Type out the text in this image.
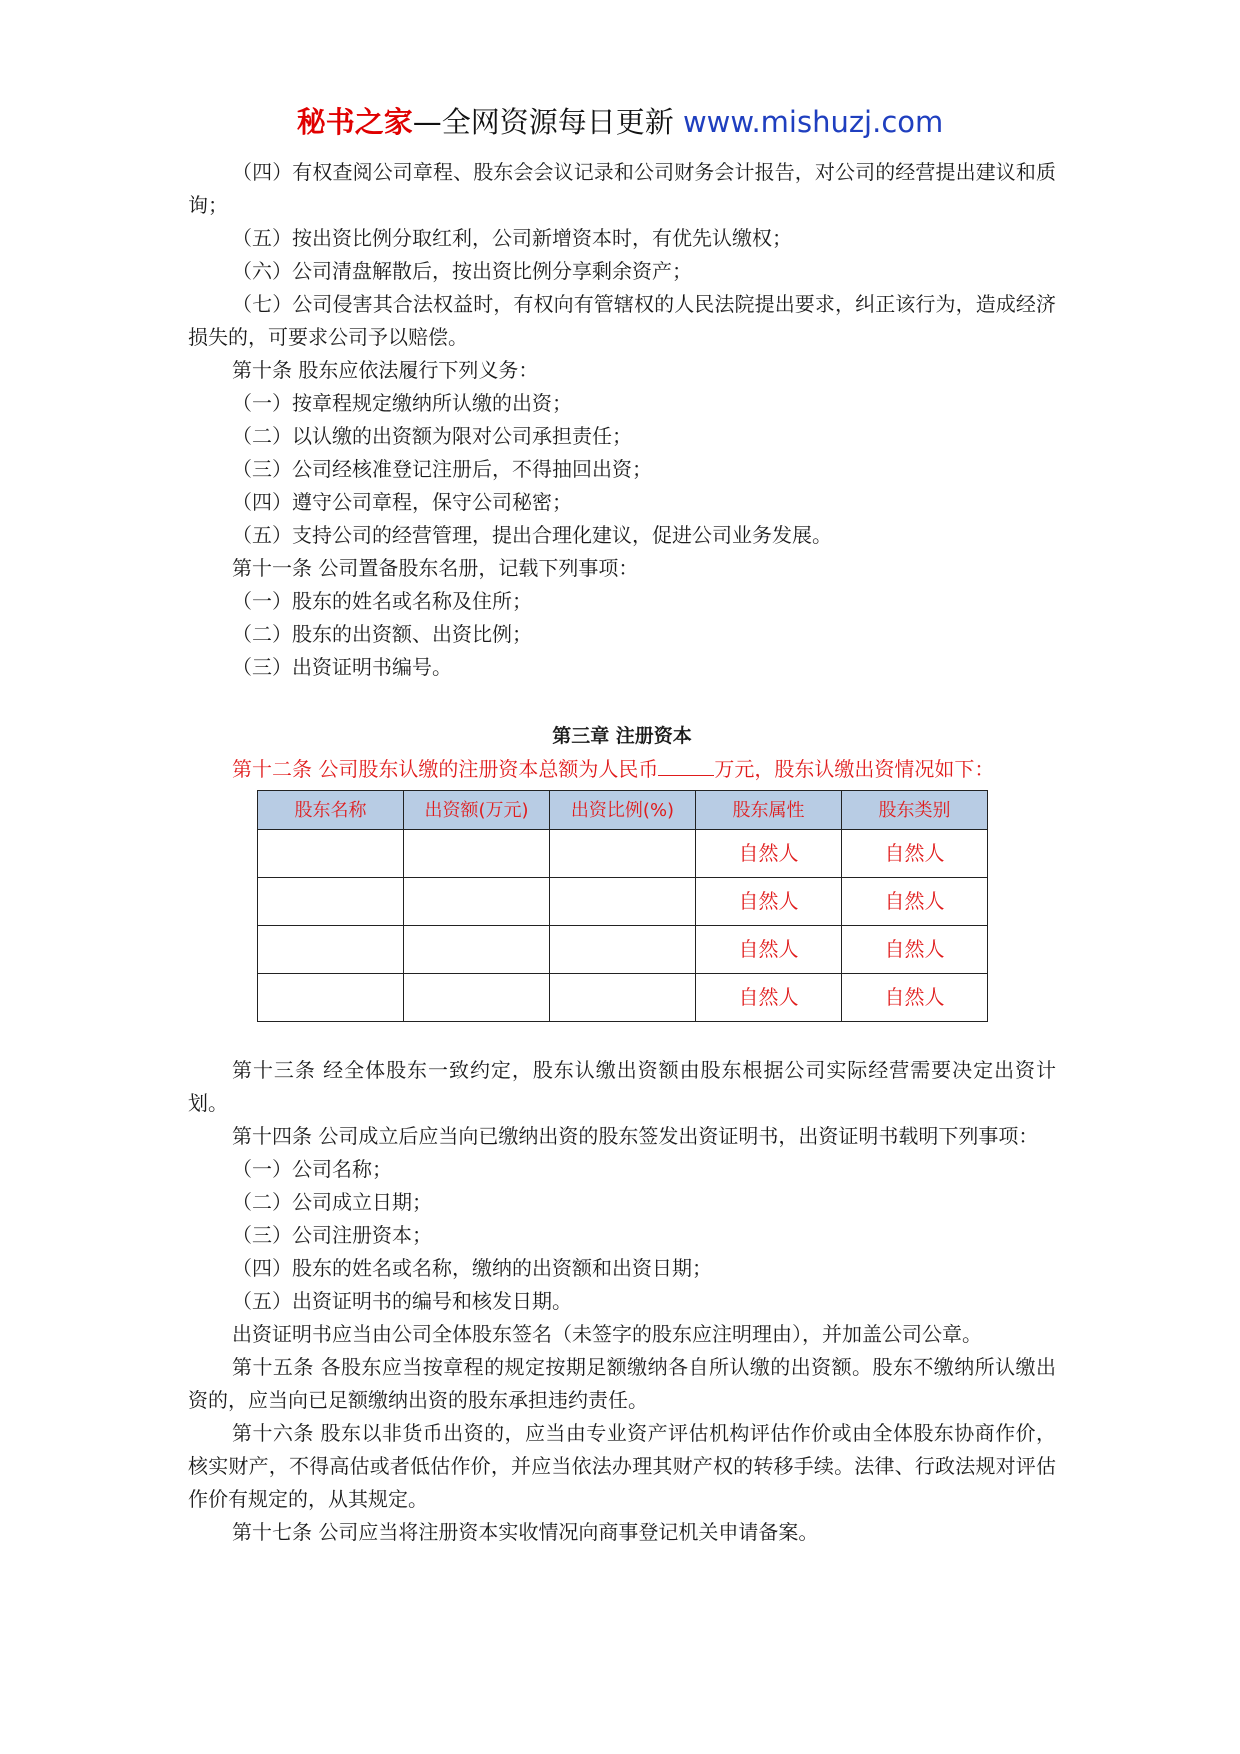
秘书之家—全网资源每日更新 www.mishuzj.com

（四）有权查阅公司章程、股东会会议记录和公司财务会计报告，对公司的经营提出建议和质询；

（五）按出资比例分取红利，公司新增资本时，有优先认缴权；

（六）公司清盘解散后，按出资比例分享剩余资产；

（七）公司侵害其合法权益时，有权向有管辖权的人民法院提出要求，纠正该行为，造成经济损失的，可要求公司予以赔偿。

第十条 股东应依法履行下列义务：

（一）按章程规定缴纳所认缴的出资；

（二）以认缴的出资额为限对公司承担责任；

（三）公司经核准登记注册后，不得抽回出资；

（四）遵守公司章程，保守公司秘密；

（五）支持公司的经营管理，提出合理化建议，促进公司业务发展。

第十一条 公司置备股东名册，记载下列事项：

（一）股东的姓名或名称及住所；

（二）股东的出资额、出资比例；

（三）出资证明书编号。

第三章 注册资本

第十二条 公司股东认缴的注册资本总额为人民币	万元，股东认缴出资情况如下：

股东名称	出资额(万元)	出资比例(%)	股东属性	股东类别
			自然人	自然人
			自然人	自然人
			自然人	自然人
			自然人	自然人

第十三条 经全体股东一致约定，股东认缴出资额由股东根据公司实际经营需要决定出资计划。

第十四条 公司成立后应当向已缴纳出资的股东签发出资证明书，出资证明书载明下列事项：

（一）公司名称；

（二）公司成立日期；

（三）公司注册资本；

（四）股东的姓名或名称，缴纳的出资额和出资日期；

（五）出资证明书的编号和核发日期。

出资证明书应当由公司全体股东签名（未签字的股东应注明理由），并加盖公司公章。

第十五条 各股东应当按章程的规定按期足额缴纳各自所认缴的出资额。股东不缴纳所认缴出资的，应当向已足额缴纳出资的股东承担违约责任。

第十六条 股东以非货币出资的，应当由专业资产评估机构评估作价或由全体股东协商作价，核实财产，不得高估或者低估作价，并应当依法办理其财产权的转移手续。法律、行政法规对评估作价有规定的，从其规定。

第十七条 公司应当将注册资本实收情况向商事登记机关申请备案。
